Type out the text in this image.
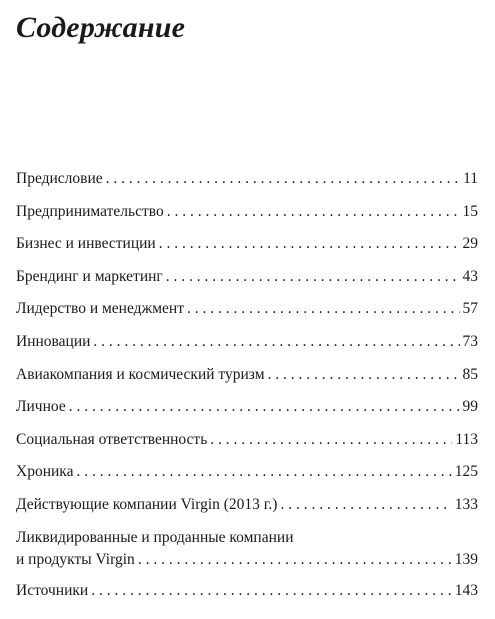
Содержание
Предисловие . . .	11
Предпринимательство . . .	15
Бизнес и инвестиции . . .	29
Брендинг и маркетинг . . .	43
Лидерство и менеджмент . . .	57
Инновации . . .	73
Авиакомпания и космический туризм . . .	85
Личное . . .	99
Социальная ответственность . . .	113
Хроника . . .	125
Действующие компании Virgin (2013 г.) . . .	133
Ликвидированные и проданные компании
и продукты Virgin . . .	139
Источники . . .	143
